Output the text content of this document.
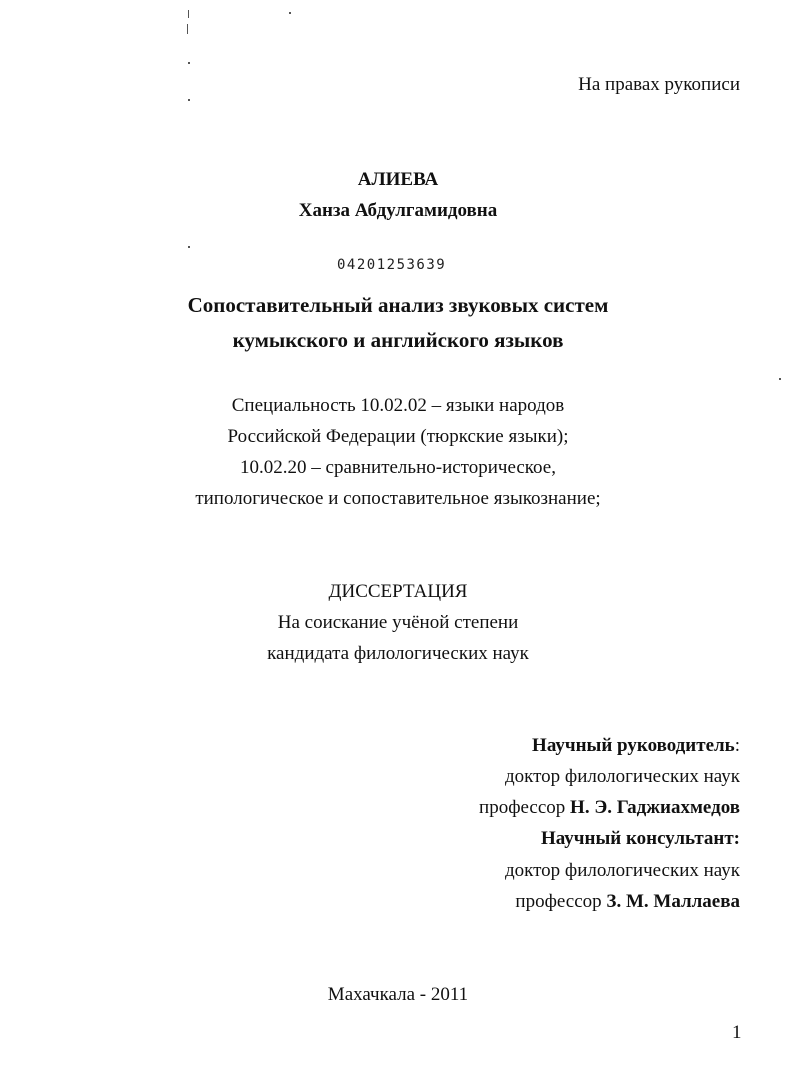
На правах рукописи
АЛИЕВА
Ханза Абдулгамидовна
04201253639
Сопоставительный анализ звуковых систем
кумыкского и английского языков
Специальность 10.02.02 – языки народов
Российской Федерации (тюркские языки);
10.02.20 – сравнительно-историческое,
типологическое и сопоставительное языкознание;
ДИССЕРТАЦИЯ
На соискание учёной степени
кандидата филологических наук
Научный руководитель:
доктор филологических наук
профессор Н. Э. Гаджиахмедов
Научный консультант:
доктор филологических наук
профессор З. М. Маллаева
Махачкала - 2011
1
